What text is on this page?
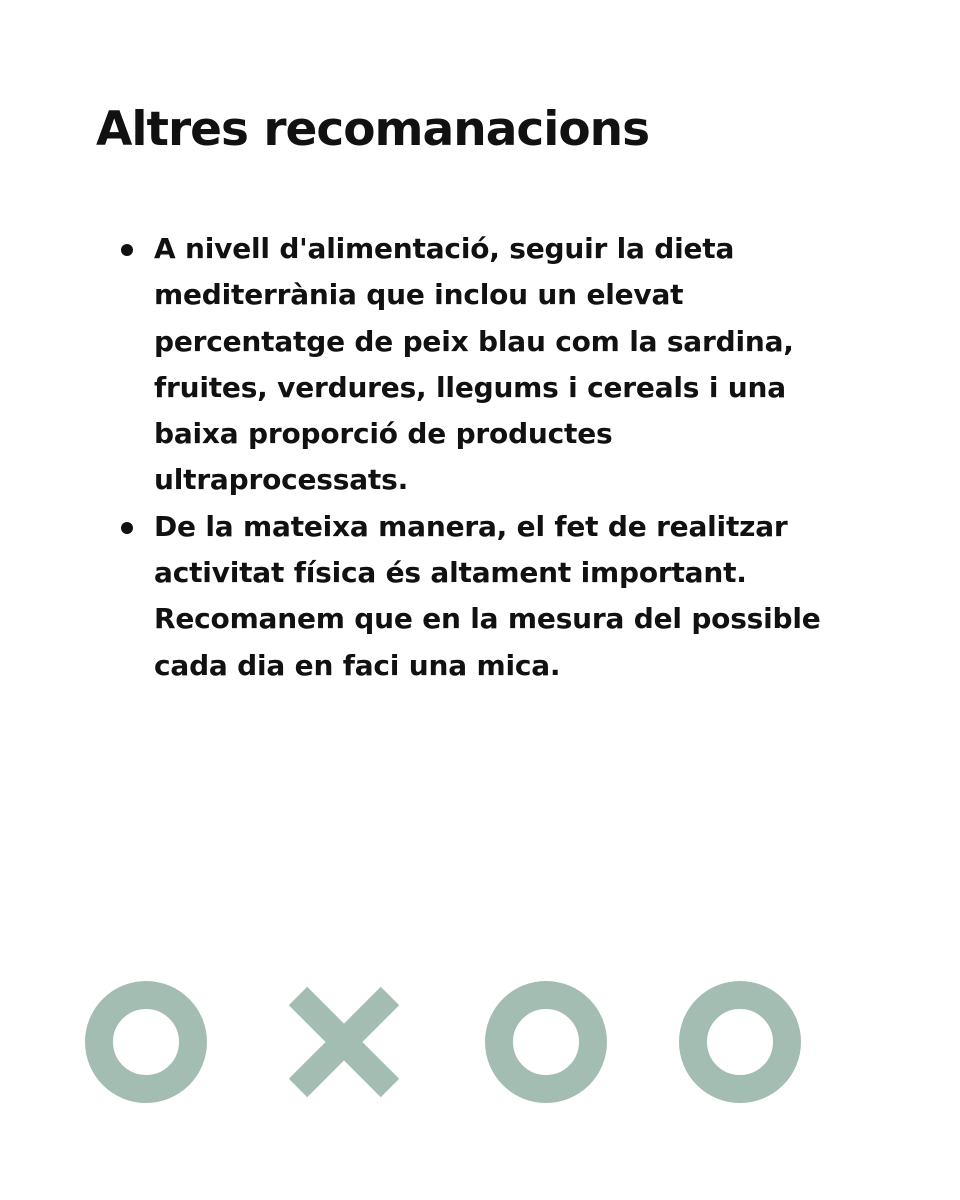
Altres recomanacions
A nivell d'alimentació, seguir la dieta mediterrània que inclou un elevat percentatge de peix blau com la sardina, fruites, verdures, llegums i cereals i una baixa proporció de productes ultraprocessats.
De la mateixa manera, el fet de realitzar activitat física és altament important. Recomanem que en la mesura del possible cada dia en faci una mica.
